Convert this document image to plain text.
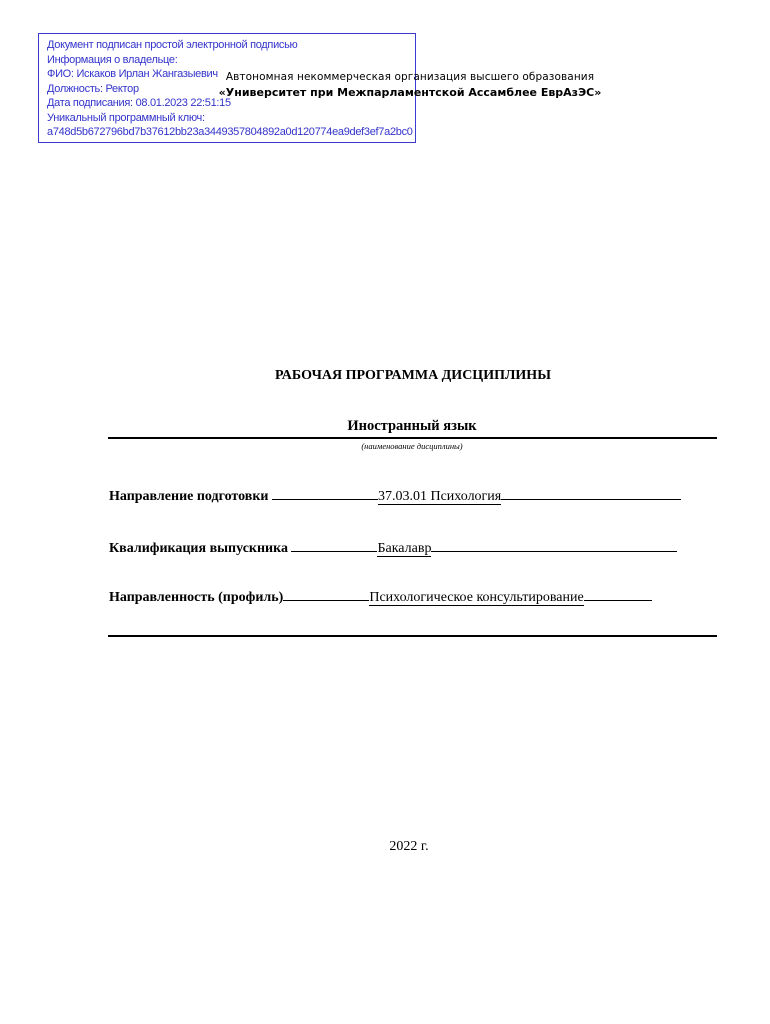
Документ подписан простой электронной подписью
Информация о владельце:
ФИО: Искаков Ирлан Жангазыевич
Должность: Ректор
Дата подписания: 08.01.2023 22:51:15
Уникальный программный ключ:
a748d5b672796bd7b37612bb23a3449357804892a0d120774ea9def3ef7a2bc0
Автономная некоммерческая организация высшего образования
«Университет при Межпарламентской Ассамблее ЕврАзЭС»
РАБОЧАЯ ПРОГРАММА ДИСЦИПЛИНЫ
Иностранный язык
(наименование дисциплины)
Направление подготовки	37.03.01 Психология
Квалификация выпускника	Бакалавр
Направленность (профиль)	Психологическое консультирование
2022 г.
